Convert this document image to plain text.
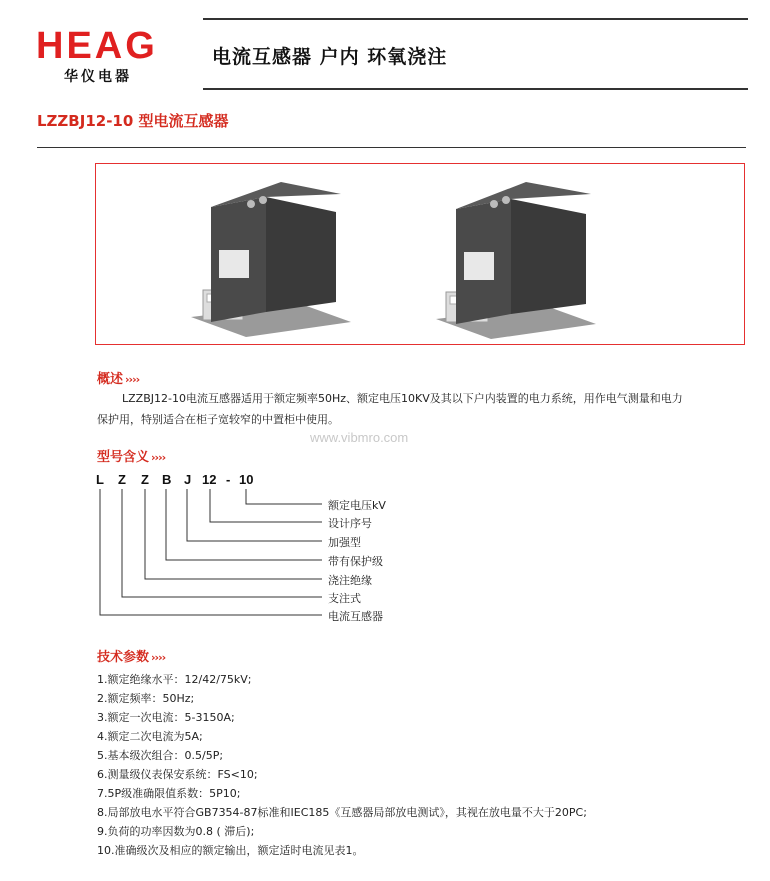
HEAG
华仪电器
电流互感器 户内 环氧浇注
LZZBJ12-10 型电流互感器
概述 ››››
LZZBJ12-10电流互感器适用于额定频率50Hz、额定电压10KV及其以下户内装置的电力系统，用作电气测量和电力
保护用，特别适合在柜子宽较窄的中置柜中使用。
www.vibmro.com
型号含义 ››››
L Z Z B J 12 - 10
额定电压kV
设计序号
加强型
带有保护级
浇注绝缘
支注式
电流互感器
技术参数 ››››
1.额定绝缘水平：12/42/75kV;
2.额定频率：50Hz;
3.额定一次电流：5-3150A;
4.额定二次电流为5A;
5.基本级次组合：0.5/5P;
6.测量级仪表保安系统：FS<10;
7.5P级准确限值系数：5P10;
8.局部放电水平符合GB7354-87标准和IEC185《互感器局部放电测试》，其视在放电量不大于20PC;
9.负荷的功率因数为0.8 ( 滞后);
10.准确级次及相应的额定输出，额定适时电流见表1。
